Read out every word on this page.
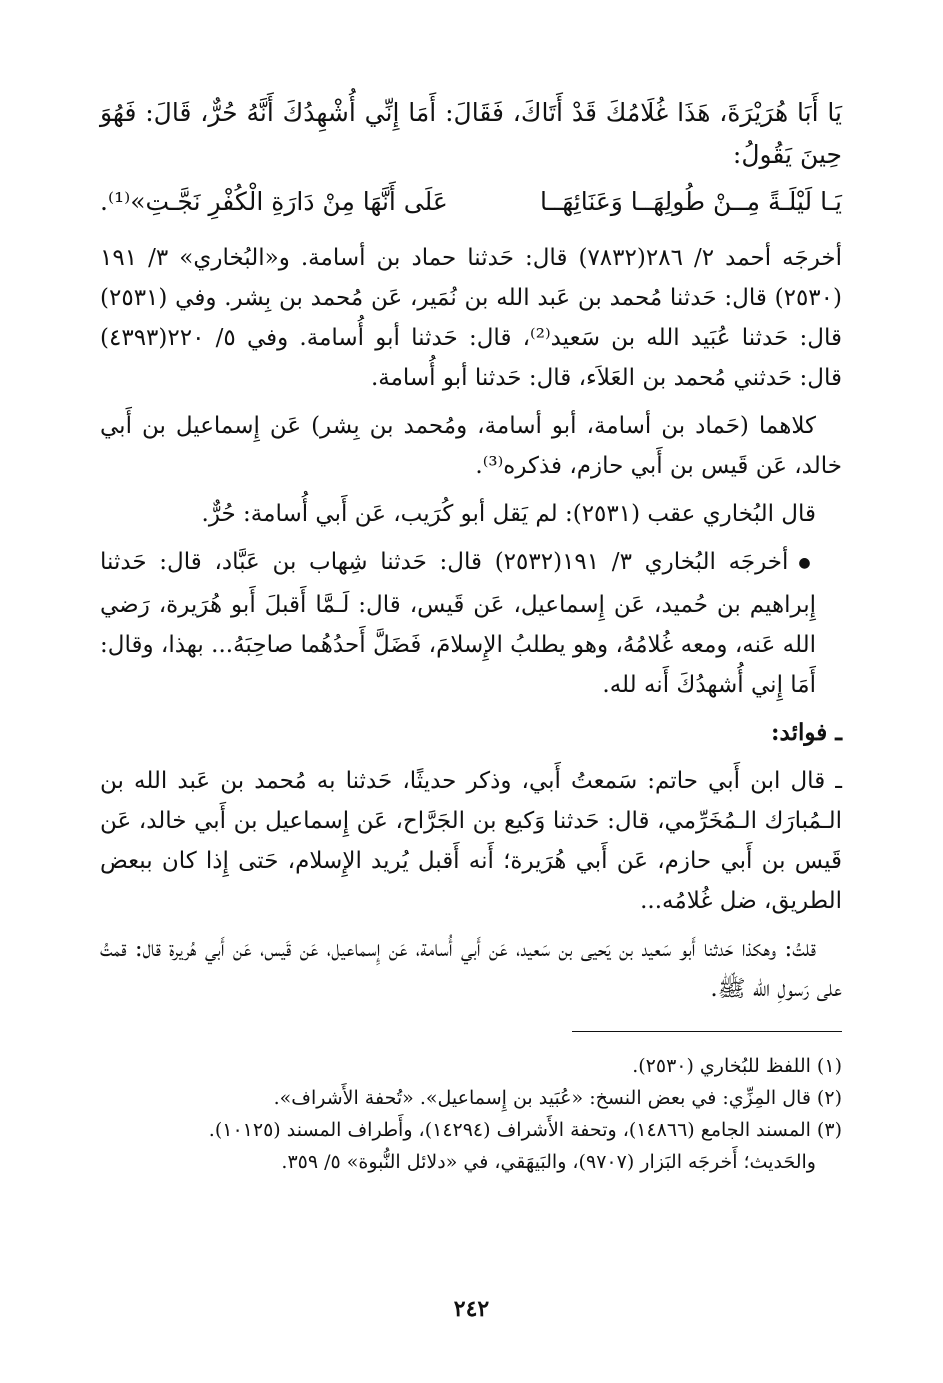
يَا أَبَا هُرَيْرَةَ، هَذَا غُلَامُكَ قَدْ أَتَاكَ، فَقَالَ: أَمَا إِنِّي أُشْهِدُكَ أَنَّهُ حُرٌّ، قَالَ: فَهُوَ حِينَ يَقُولُ:

يَـا لَيْلَـةً مِــنْ طُولِهَــا وَعَنَائِهَــا
عَلَى أَنَّهَا مِنْ دَارَةِ الْكُفْرِ نَجَّـتِ»⁽¹⁾.

أخرجَه أحمد ٢/ ٢٨٦(٧٨٣٢) قال: حَدثنا حماد بن أسامة. و«البُخاري» ٣/ ١٩١ (٢٥٣٠) قال: حَدثنا مُحمد بن عَبد الله بن نُمَير، عَن مُحمد بن بِشر. وفي (٢٥٣١) قال: حَدثنا عُبَيد الله بن سَعيد⁽²⁾، قال: حَدثنا أبو أُسامة. وفي ٥/ ٢٢٠(٤٣٩٣) قال: حَدثني مُحمد بن العَلاَء، قال: حَدثنا أبو أُسامة.

كلاهما (حَماد بن أسامة، أبو أسامة، ومُحمد بن بِشر) عَن إِسماعيل بن أَبي خالد، عَن قَيس بن أَبي حازم، فذكره⁽³⁾.

قال البُخاري عقب (٢٥٣١): لم يَقل أبو كُرَيب، عَن أَبي أُسامة: حُرٌّ.

●أخرجَه البُخاري ٣/ ١٩١(٢٥٣٢) قال: حَدثنا شِهاب بن عَبَّاد، قال: حَدثنا إِبراهيم بن حُميد، عَن إِسماعيل، عَن قَيس، قال: لَـمَّا أَقبلَ أَبو هُرَيرة، رَضي الله عَنه، ومعه غُلامُهُ، وهو يطلبُ الإِسلامَ، فَضَلَّ أَحدُهُما صاحِبَهُ... بهذا، وقال: أَمَا إِني أُشهدُكَ أَنه لله.

ـ فوائد:

ـ قال ابن أَبي حاتم: سَمعتُ أَبي، وذكر حديثًا، حَدثنا به مُحمد بن عَبد الله بن الـمُبارَك الـمُخَرِّمي، قال: حَدثنا وَكيع بن الجَرَّاح، عَن إِسماعيل بن أَبي خالد، عَن قَيس بن أَبي حازم، عَن أَبي هُرَيرة؛ أَنه أَقبل يُريد الإِسلام، حَتى إِذا كان ببعض الطريق، ضل غُلامُه...

قلتُ: وهكذا حَدثنا أَبو سَعيد بن يَحيى بن سَعيد، عَن أَبي أُسامة، عَن إِسماعيل، عَن قَيس، عَن أَبي هُريرة قال: قمتُ على رَسولِ الله ﷺ.

(١) اللفظ للبُخاري (٢٥٣٠).

(٢) قال المِزِّي: في بعض النسخ: «عُبَيد بن إِسماعيل». «تُحفة الأَشراف».

(٣) المسند الجامع (١٤٨٦٦)، وتحفة الأَشراف (١٤٢٩٤)، وأَطراف المسند (١٠١٢٥).

والحَديث؛ أَخرجَه البَزار (٩٧٠٧)، والبَيهَقي، في «دلائل النُّبوة» ٥/ ٣٥٩.

٢٤٢
